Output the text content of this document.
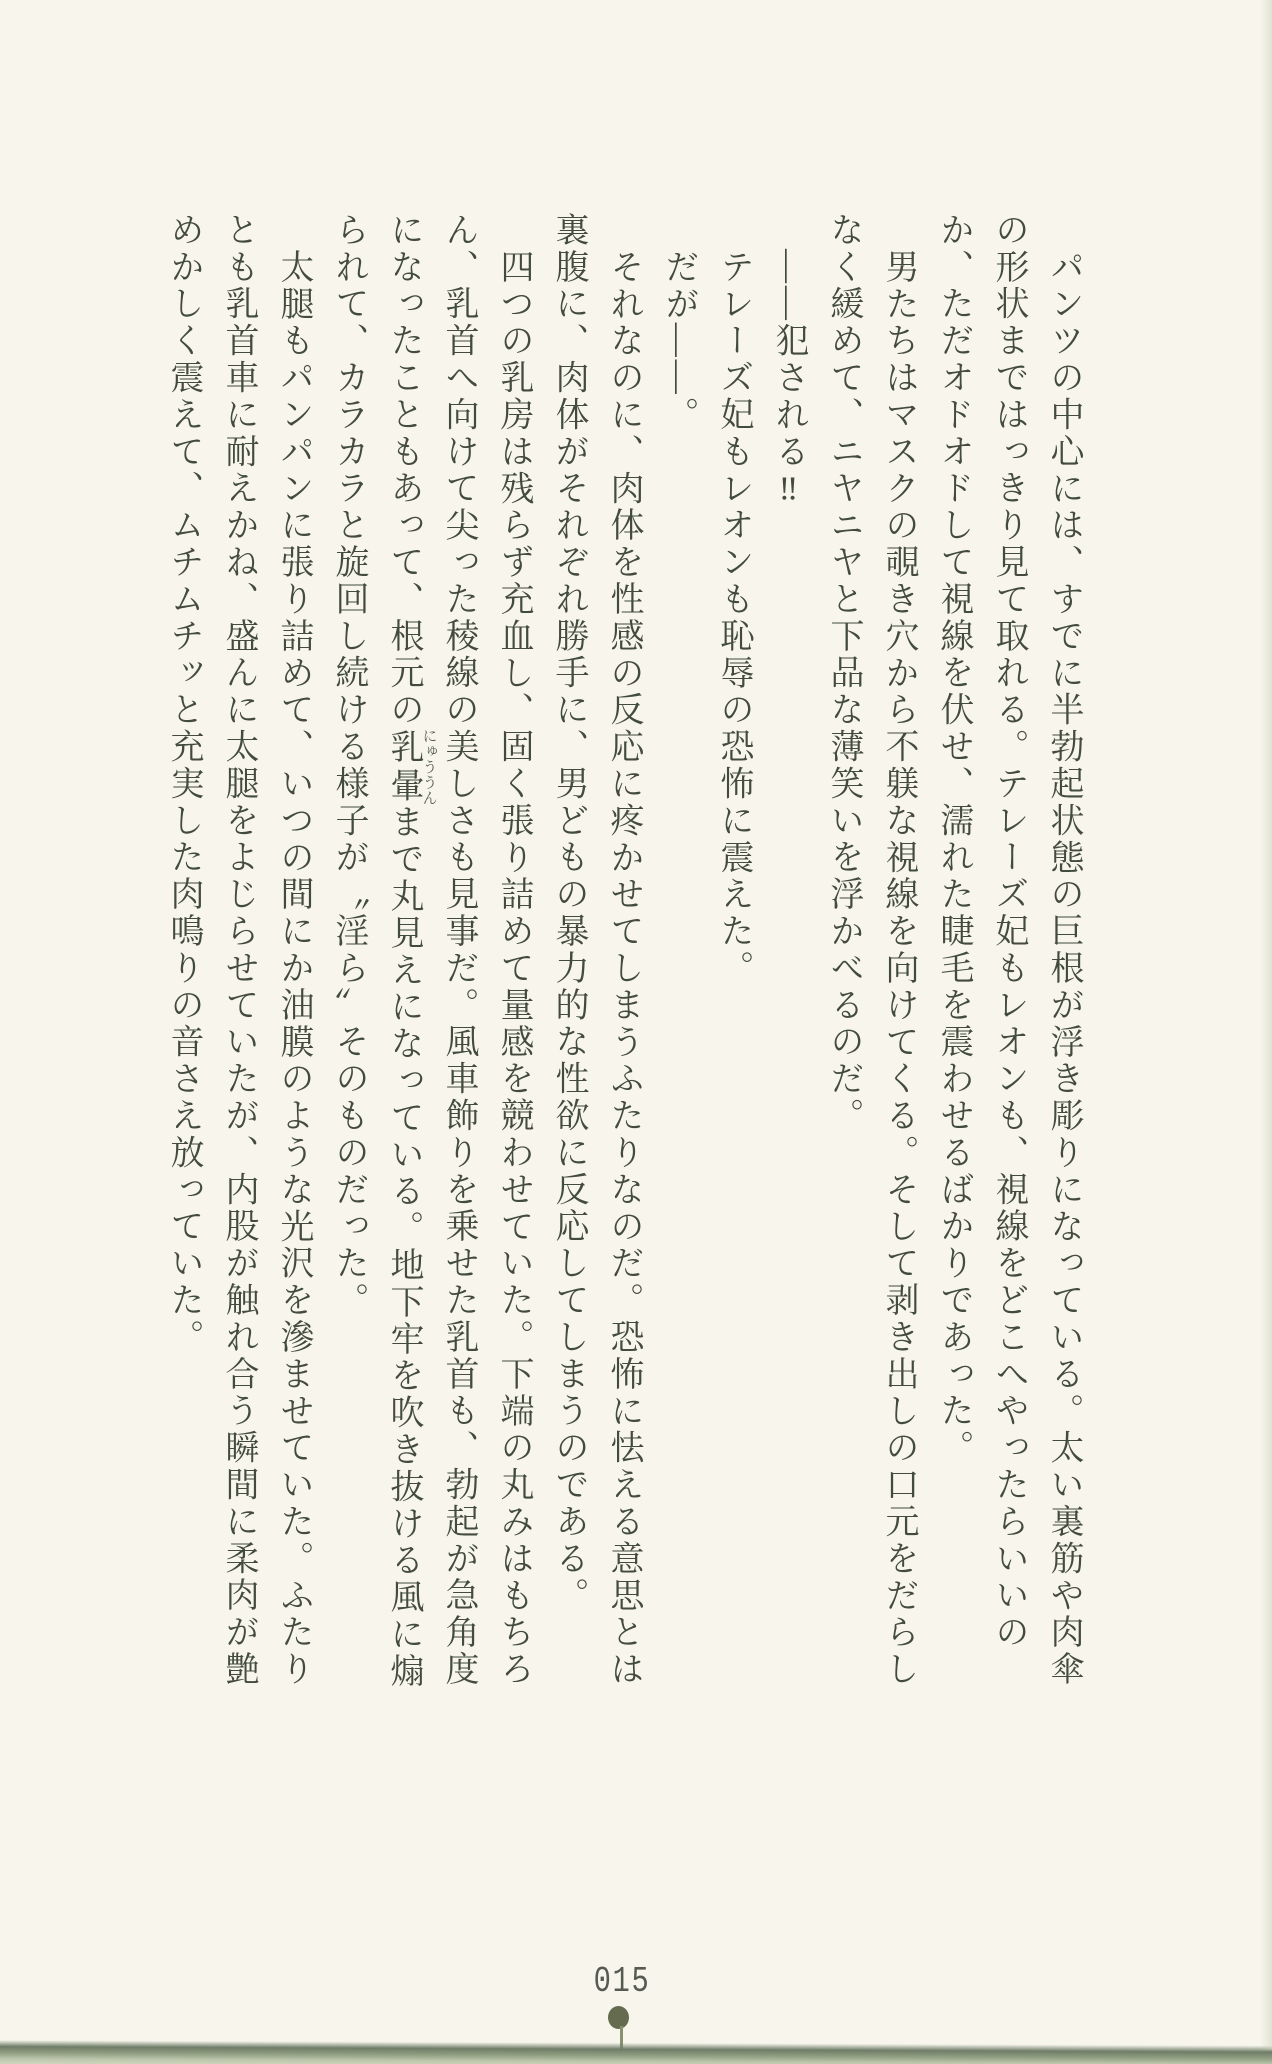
パンツの中心には、すでに半勃起状態の巨根が浮き彫りになっている。太い裏筋や肉傘の形状まではっきり見て取れる。テレーズ妃もレオンも、視線をどこへやったらいいのか、ただオドオドして視線を伏せ、濡れた睫毛を震わせるばかりであった。

男たちはマスクの覗き穴から不躾な視線を向けてくる。そして剥き出しの口元をだらしなく緩めて、ニヤニヤと下品な薄笑いを浮かべるのだ。

――犯される‼

テレーズ妃もレオンも恥辱の恐怖に震えた。

だが――。

それなのに、肉体を性感の反応に疼かせてしまうふたりなのだ。恐怖に怯える意思とは裏腹に、肉体がそれぞれ勝手に、男どもの暴力的な性欲に反応してしまうのである。

四つの乳房は残らず充血し、固く張り詰めて量感を競わせていた。下端の丸みはもちろん、乳首へ向けて尖った稜線の美しさも見事だ。風車飾りを乗せた乳首も、勃起が急角度になったこともあって、根元の乳暈にゅううんまで丸見えになっている。地下牢を吹き抜ける風に煽られて、カラカラと旋回し続ける様子が〝淫ら〟そのものだった。

太腿もパンパンに張り詰めて、いつの間にか油膜のような光沢を滲ませていた。ふたりとも乳首車に耐えかね、盛んに太腿をよじらせていたが、内股が触れ合う瞬間に柔肉が艶めかしく震えて、ムチムチッと充実した肉鳴りの音さえ放っていた。

015
